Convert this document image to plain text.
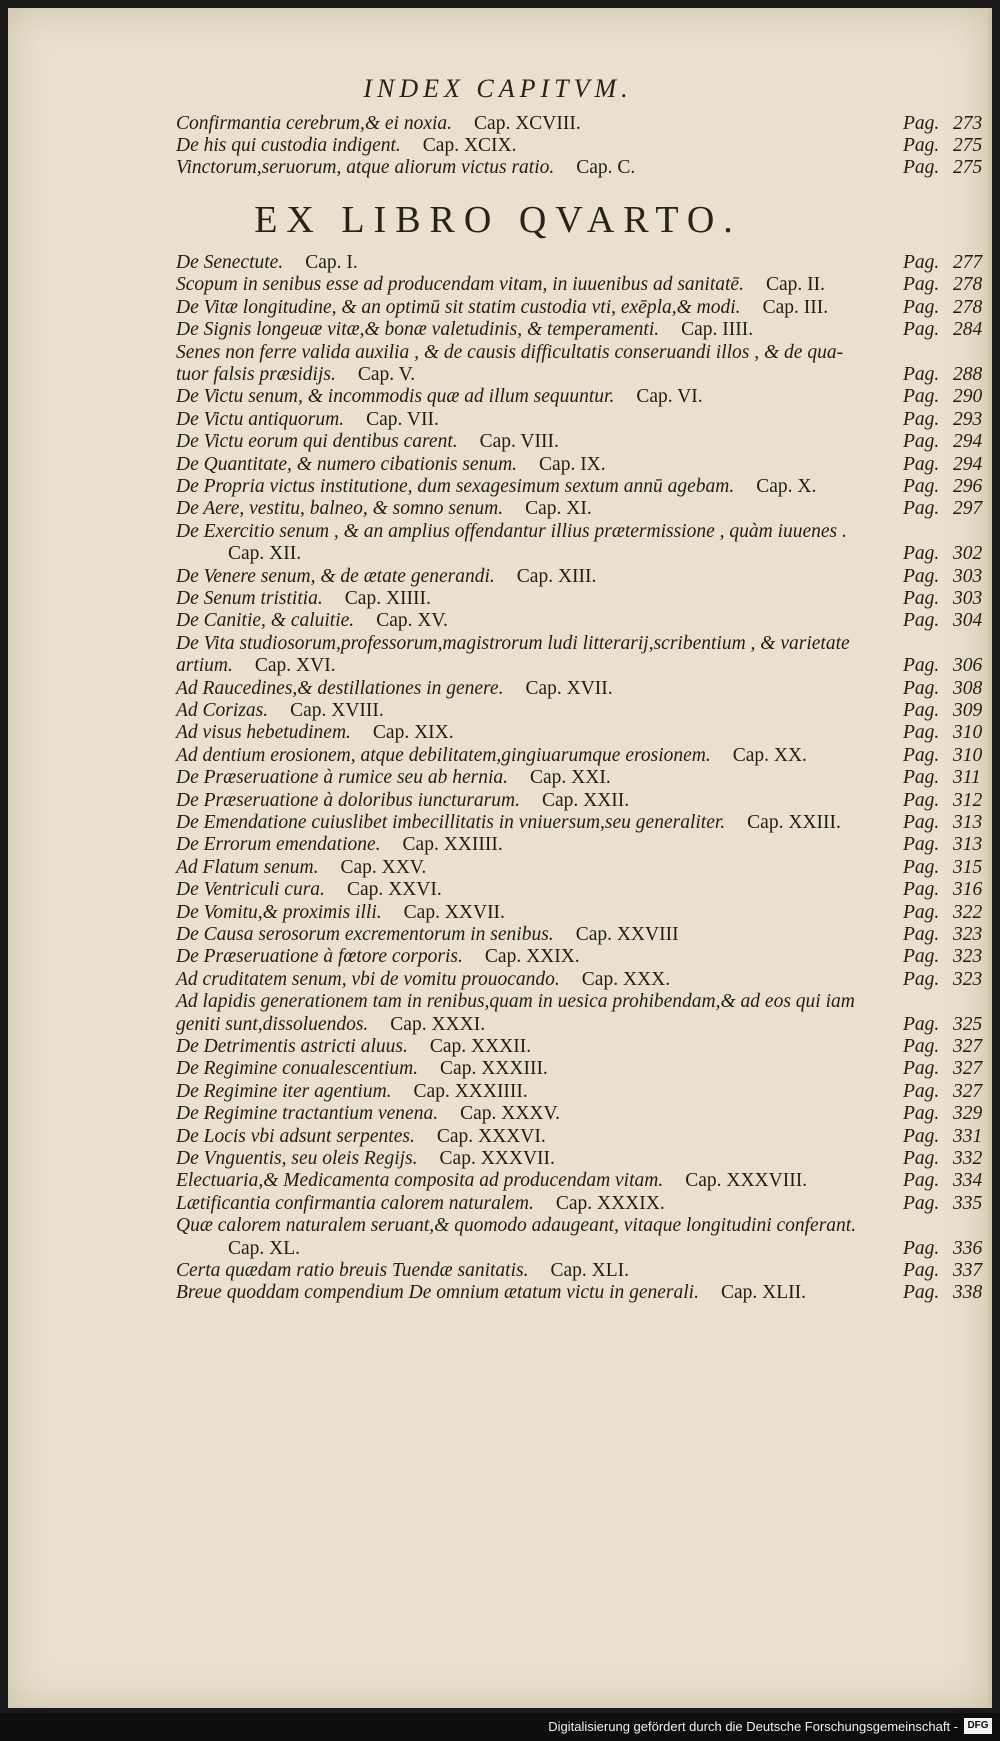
INDEX CAPITVM.
Confirmantia cerebrum,& ei noxia. Cap. XCVIII.	Pag. 273
De his qui custodia indigent. Cap. XCIX.	Pag. 275
Vinctorum,seruorum, atque aliorum victus ratio. Cap. C.	Pag. 275
EX LIBRO QVARTO.
De Senectute. Cap. I.	Pag. 277
Scopum in senibus esse ad producendam vitam, in iuuenibus ad sanitatē. Cap. II.	Pag. 278
De Vitæ longitudine, & an optimū sit statim custodia vti, exēpla,& modi. Cap. III.	Pag. 278
De Signis longeuæ vitæ,& bonæ valetudinis, & temperamenti. Cap. IIII.	Pag. 284
Senes non ferre valida auxilia , & de causis difficultatis conseruandi illos , & de qua-
tuor falsis præsidijs. Cap. V.	Pag. 288
De Victu senum, & incommodis quæ ad illum sequuntur. Cap. VI.	Pag. 290
De Victu antiquorum. Cap. VII.	Pag. 293
De Victu eorum qui dentibus carent. Cap. VIII.	Pag. 294
De Quantitate, & numero cibationis senum. Cap. IX.	Pag. 294
De Propria victus institutione, dum sexagesimum sextum annū agebam. Cap. X.	Pag. 296
De Aere, vestitu, balneo, & somno senum. Cap. XI.	Pag. 297
De Exercitio senum , & an amplius offendantur illius prætermissione , quàm iuuenes .
Cap. XII.	Pag. 302
De Venere senum, & de ætate generandi. Cap. XIII.	Pag. 303
De Senum tristitia. Cap. XIIII.	Pag. 303
De Canitie, & caluitie. Cap. XV.	Pag. 304
De Vita studiosorum,professorum,magistrorum ludi litterarij,scribentium , & varietate
artium. Cap. XVI.	Pag. 306
Ad Raucedines,& destillationes in genere. Cap. XVII.	Pag. 308
Ad Corizas. Cap. XVIII.	Pag. 309
Ad visus hebetudinem. Cap. XIX.	Pag. 310
Ad dentium erosionem, atque debilitatem,gingiuarumque erosionem. Cap. XX.	Pag. 310
De Præseruatione à rumice seu ab hernia. Cap. XXI.	Pag. 311
De Præseruatione à doloribus iuncturarum. Cap. XXII.	Pag. 312
De Emendatione cuiuslibet imbecillitatis in vniuersum,seu generaliter. Cap. XXIII.	Pag. 313
De Errorum emendatione. Cap. XXIIII.	Pag. 313
Ad Flatum senum. Cap. XXV.	Pag. 315
De Ventriculi cura. Cap. XXVI.	Pag. 316
De Vomitu,& proximis illi. Cap. XXVII.	Pag. 322
De Causa serosorum excrementorum in senibus. Cap. XXVIII	Pag. 323
De Præseruatione à fœtore corporis. Cap. XXIX.	Pag. 323
Ad cruditatem senum, vbi de vomitu prouocando. Cap. XXX.	Pag. 323
Ad lapidis generationem tam in renibus,quam in uesica prohibendam,& ad eos qui iam
geniti sunt,dissoluendos. Cap. XXXI.	Pag. 325
De Detrimentis astricti aluus. Cap. XXXII.	Pag. 327
De Regimine conualescentium. Cap. XXXIII.	Pag. 327
De Regimine iter agentium. Cap. XXXIIII.	Pag. 327
De Regimine tractantium venena. Cap. XXXV.	Pag. 329
De Locis vbi adsunt serpentes. Cap. XXXVI.	Pag. 331
De Vnguentis, seu oleis Regijs. Cap. XXXVII.	Pag. 332
Electuaria,& Medicamenta composita ad producendam vitam. Cap. XXXVIII.	Pag. 334
Lætificantia confirmantia calorem naturalem. Cap. XXXIX.	Pag. 335
Quæ calorem naturalem seruant,& quomodo adaugeant, vitaque longitudini conferant.
Cap. XL.	Pag. 336
Certa quædam ratio breuis Tuendæ sanitatis. Cap. XLI.	Pag. 337
Breue quoddam compendium De omnium ætatum victu in generali. Cap. XLII.	Pag. 338
Digitalisierung gefördert durch die Deutsche Forschungsgemeinschaft - DFG
